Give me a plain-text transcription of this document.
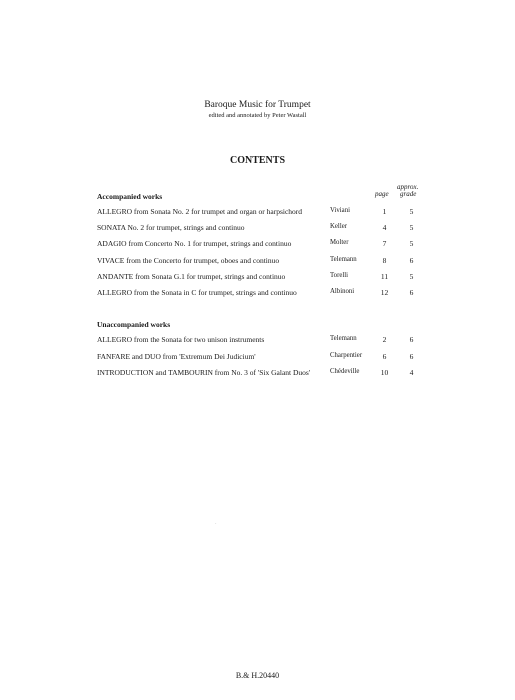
Baroque Music for Trumpet
edited and annotated by Peter Wastall
CONTENTS
approx.
page grade
Accompanied works
ALLEGRO from Sonata No. 2 for trumpet and organ or harpsichord	Viviani	1	5
SONATA No. 2 for trumpet, strings and continuo	Keller	4	5
ADAGIO from Concerto No. 1 for trumpet, strings and continuo	Molter	7	5
VIVACE from the Concerto for trumpet, oboes and continuo	Telemann	8	6
ANDANTE from Sonata G.1 for trumpet, strings and continuo	Torelli	11	5
ALLEGRO from the Sonata in C for trumpet, strings and continuo	Albinoni	12	6
Unaccompanied works
ALLEGRO from the Sonata for two unison instruments	Telemann	2	6
FANFARE and DUO from 'Extremum Dei Judicium'	Charpentier	6	6
INTRODUCTION and TAMBOURIN from No. 3 of 'Six Galant Duos'	Chédeville	10	4
·
B.& H.20440
